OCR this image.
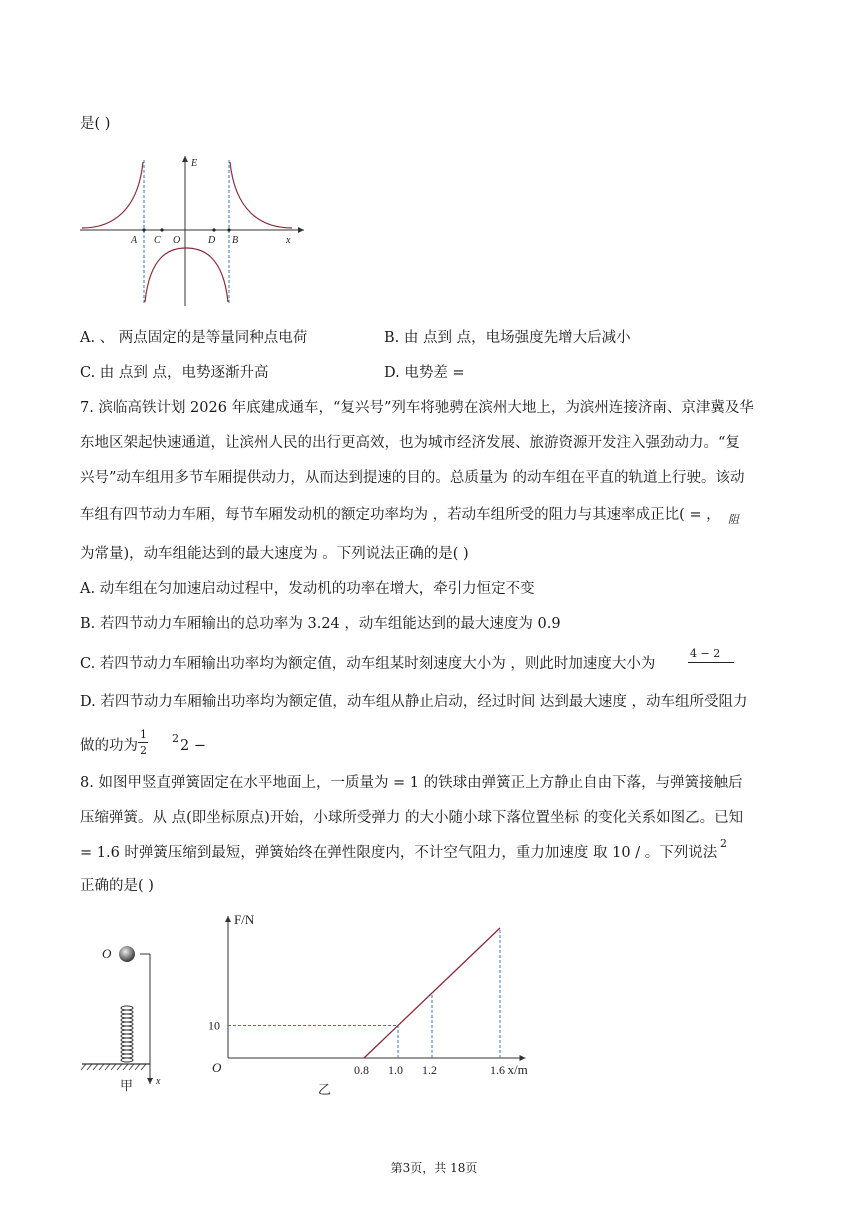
是( )
E
x
A C O	D B
A. 、 两点固定的是等量同种点电荷	B. 由 点到 点，电场强度先增大后减小
C. 由 点到 点，电势逐渐升高	D. 电势差 =
7. 滨临高铁计划 2026 年底建成通车，“复兴号”列车将驰骋在滨州大地上，为滨州连接济南、京津冀及华
东地区架起快速通道，让滨州人民的出行更高效，也为城市经济发展、旅游资源开发注入强劲动力。“复
兴号”动车组用多节车厢提供动力，从而达到提速的目的。总质量为 的动车组在平直的轨道上行驶。该动
车组有四节动力车厢，每节车厢发动机的额定功率均为 ，若动车组所受的阻力与其速率成正比( = ， 阻
为常量)，动车组能达到的最大速度为 。下列说法正确的是( )
A. 动车组在匀加速启动过程中，发动机的功率在增大，牵引力恒定不变
B. 若四节动力车厢输出的总功率为 3.24 ，动车组能达到的最大速度为 0.9
C. 若四节动力车厢输出功率均为额定值，动车组某时刻速度大小为 ，则此时加速度大小为
4 − 2
D. 若四节动力车厢输出功率均为额定值，动车组从静止启动，经过时间 达到最大速度 ，动车组所受阻力
做的功为
1
2
2 2 −
8. 如图甲竖直弹簧固定在水平地面上，一质量为 = 1 的铁球由弹簧正上方静止自由下落，与弹簧接触后
压缩弹簧。从 点(即坐标原点)开始，小球所受弹力 的大小随小球下落位置坐标 的变化关系如图乙。已知
= 1.6 时弹簧压缩到最短，弹簧始终在弹性限度内，不计空气阻力，重力加速度 取 10 / 。下列说法
2
正确的是( )
O
x
甲
F/N
x/m
O	0.8 1.0 1.2	1.6
10
乙
第3页，共 18页
